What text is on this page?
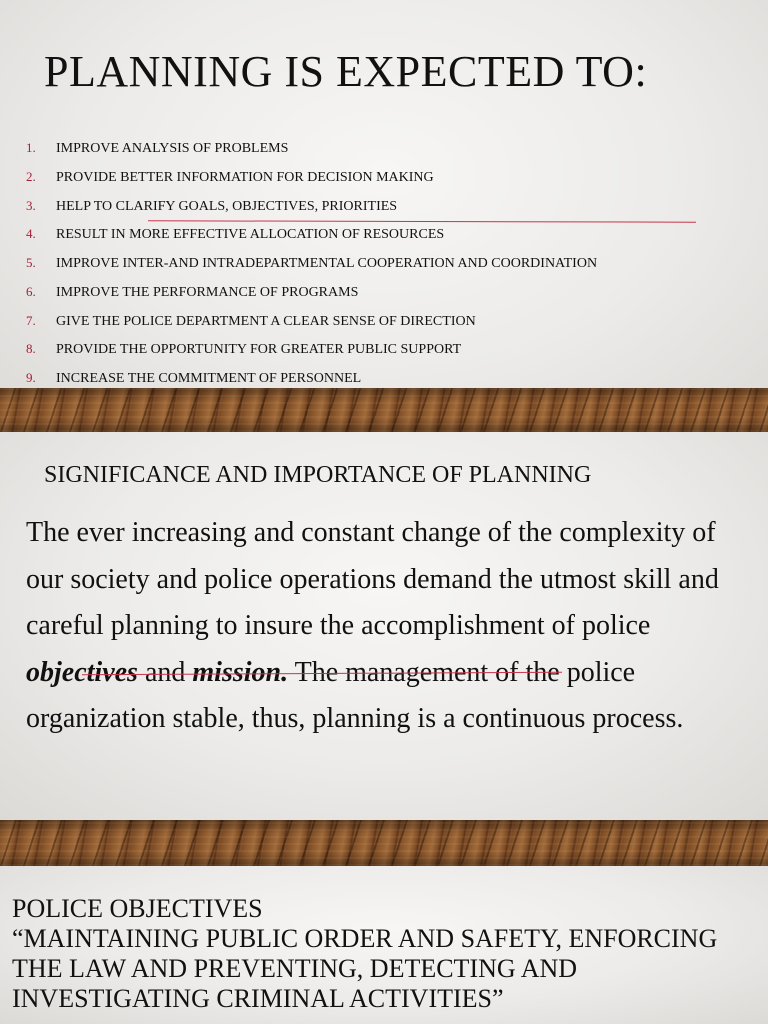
PLANNING IS EXPECTED TO:
1.	IMPROVE ANALYSIS OF PROBLEMS
2.	PROVIDE BETTER INFORMATION FOR DECISION MAKING
3.	HELP TO CLARIFY GOALS, OBJECTIVES, PRIORITIES
4.	RESULT IN MORE EFFECTIVE ALLOCATION OF RESOURCES
5.	IMPROVE INTER-AND INTRADEPARTMENTAL COOPERATION AND COORDINATION
6.	IMPROVE THE PERFORMANCE OF PROGRAMS
7.	GIVE THE POLICE DEPARTMENT A CLEAR SENSE OF DIRECTION
8.	PROVIDE THE OPPORTUNITY FOR GREATER PUBLIC SUPPORT
9.	INCREASE THE COMMITMENT OF PERSONNEL
SIGNIFICANCE AND IMPORTANCE OF PLANNING

The ever increasing and constant change of the complexity of our society and police operations demand the utmost skill and careful planning to insure the accomplishment of police objectives and mission. The management of the police organization stable, thus, planning is a continuous process.

POLICE OBJECTIVES
“MAINTAINING PUBLIC ORDER AND SAFETY, ENFORCING THE LAW AND PREVENTING, DETECTING AND INVESTIGATING CRIMINAL ACTIVITIES”
